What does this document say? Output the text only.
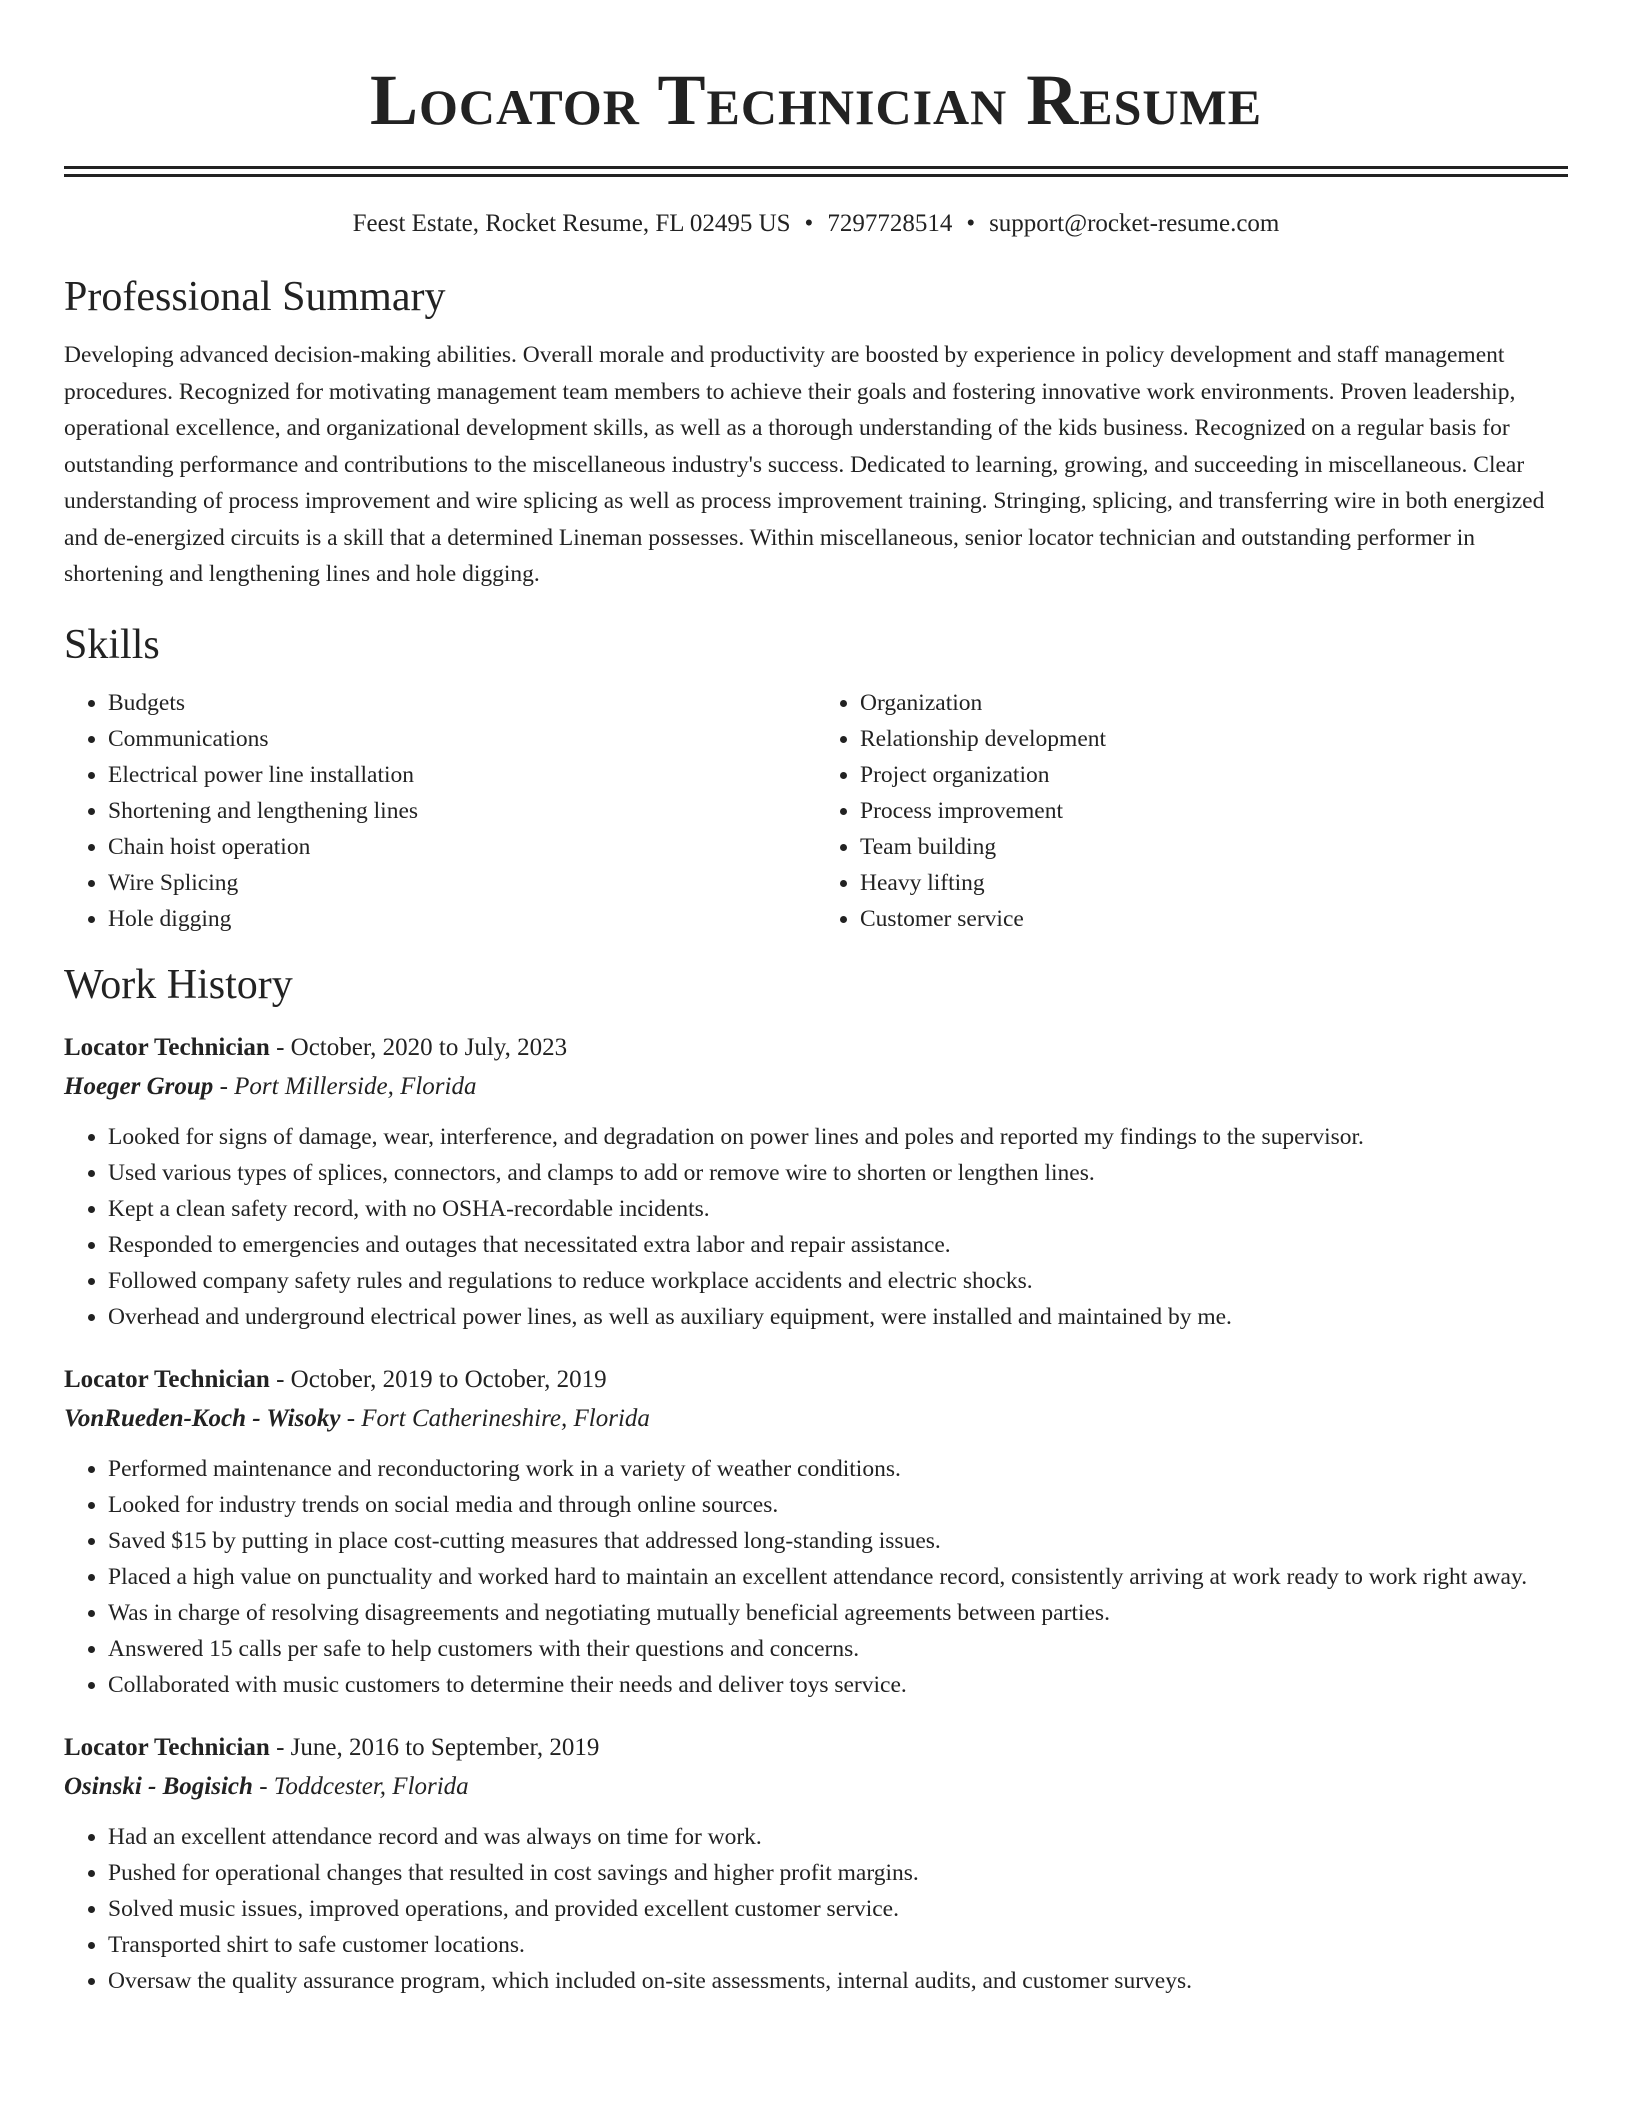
Locator Technician Resume
Feest Estate, Rocket Resume, FL 02495 US • 7297728514 • support@rocket-resume.com
Professional Summary

Developing advanced decision-making abilities. Overall morale and productivity are boosted by experience in policy development and staff management procedures. Recognized for motivating management team members to achieve their goals and fostering innovative work environments. Proven leadership, operational excellence, and organizational development skills, as well as a thorough understanding of the kids business. Recognized on a regular basis for outstanding performance and contributions to the miscellaneous industry's success. Dedicated to learning, growing, and succeeding in miscellaneous. Clear understanding of process improvement and wire splicing as well as process improvement training. Stringing, splicing, and transferring wire in both energized and de-energized circuits is a skill that a determined Lineman possesses. Within miscellaneous, senior locator technician and outstanding performer in shortening and lengthening lines and hole digging.

Skills
• Budgets
• Communications
• Electrical power line installation
• Shortening and lengthening lines
• Chain hoist operation
• Wire Splicing
• Hole digging
• Organization
• Relationship development
• Project organization
• Process improvement
• Team building
• Heavy lifting
• Customer service
Work History
Locator Technician - October, 2020 to July, 2023
Hoeger Group - Port Millerside, Florida
• Looked for signs of damage, wear, interference, and degradation on power lines and poles and reported my findings to the supervisor.
• Used various types of splices, connectors, and clamps to add or remove wire to shorten or lengthen lines.
• Kept a clean safety record, with no OSHA-recordable incidents.
• Responded to emergencies and outages that necessitated extra labor and repair assistance.
• Followed company safety rules and regulations to reduce workplace accidents and electric shocks.
• Overhead and underground electrical power lines, as well as auxiliary equipment, were installed and maintained by me.
Locator Technician - October, 2019 to October, 2019
VonRueden-Koch - Wisoky - Fort Catherineshire, Florida
• Performed maintenance and reconductoring work in a variety of weather conditions.
• Looked for industry trends on social media and through online sources.
• Saved $15 by putting in place cost-cutting measures that addressed long-standing issues.
• Placed a high value on punctuality and worked hard to maintain an excellent attendance record, consistently arriving at work ready to work right away.
• Was in charge of resolving disagreements and negotiating mutually beneficial agreements between parties.
• Answered 15 calls per safe to help customers with their questions and concerns.
• Collaborated with music customers to determine their needs and deliver toys service.
Locator Technician - June, 2016 to September, 2019
Osinski - Bogisich - Toddcester, Florida
• Had an excellent attendance record and was always on time for work.
• Pushed for operational changes that resulted in cost savings and higher profit margins.
• Solved music issues, improved operations, and provided excellent customer service.
• Transported shirt to safe customer locations.
• Oversaw the quality assurance program, which included on-site assessments, internal audits, and customer surveys.
